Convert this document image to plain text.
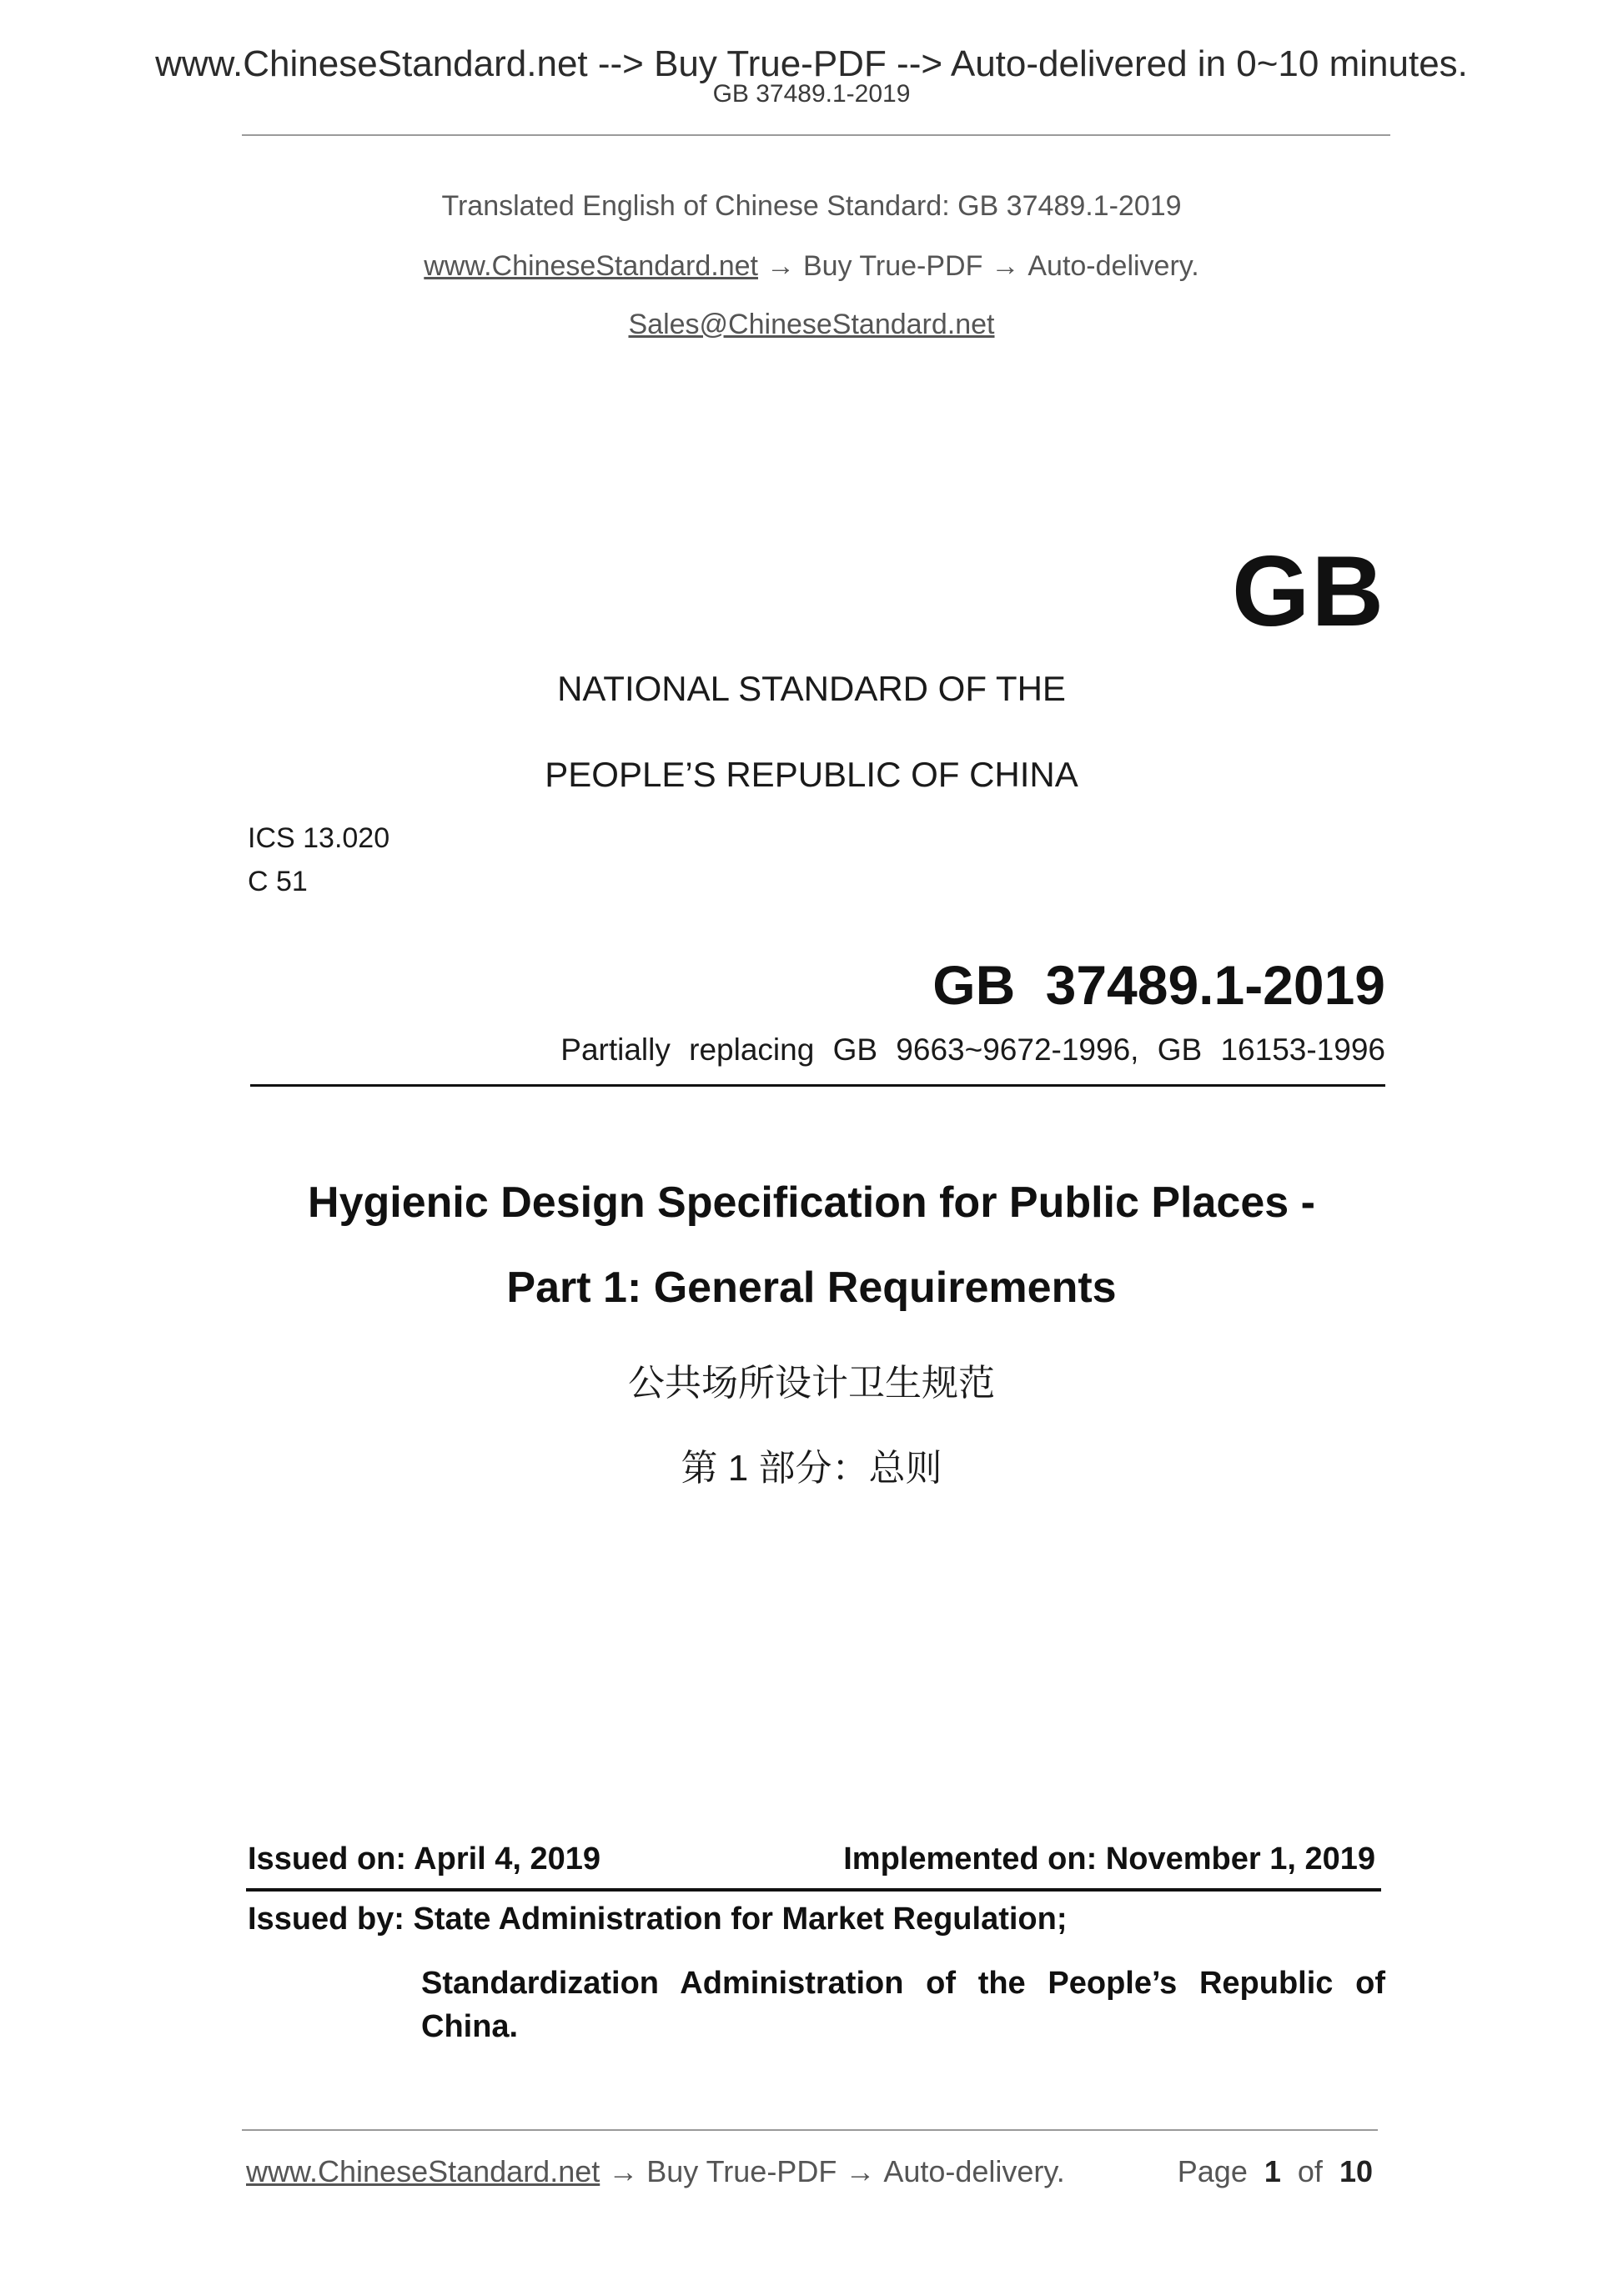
www.ChineseStandard.net --> Buy True-PDF --> Auto-delivered in 0~10 minutes.
GB 37489.1-2019
Translated English of Chinese Standard: GB 37489.1-2019
www.ChineseStandard.net → Buy True-PDF → Auto-delivery.
Sales@ChineseStandard.net
GB
NATIONAL STANDARD OF THE
PEOPLE’S REPUBLIC OF CHINA
ICS 13.020
C 51
GB 37489.1-2019
Partially replacing GB 9663~9672-1996, GB 16153-1996
Hygienic Design Specification for Public Places -
Part 1: General Requirements
公共场所设计卫生规范
第 1 部分：总则
Issued on: April 4, 2019	Implemented on: November 1, 2019
Issued by: State Administration for Market Regulation;
Standardization Administration of the People’s Republic of China.
www.ChineseStandard.net → Buy True-PDF → Auto-delivery.	Page 1 of 10
